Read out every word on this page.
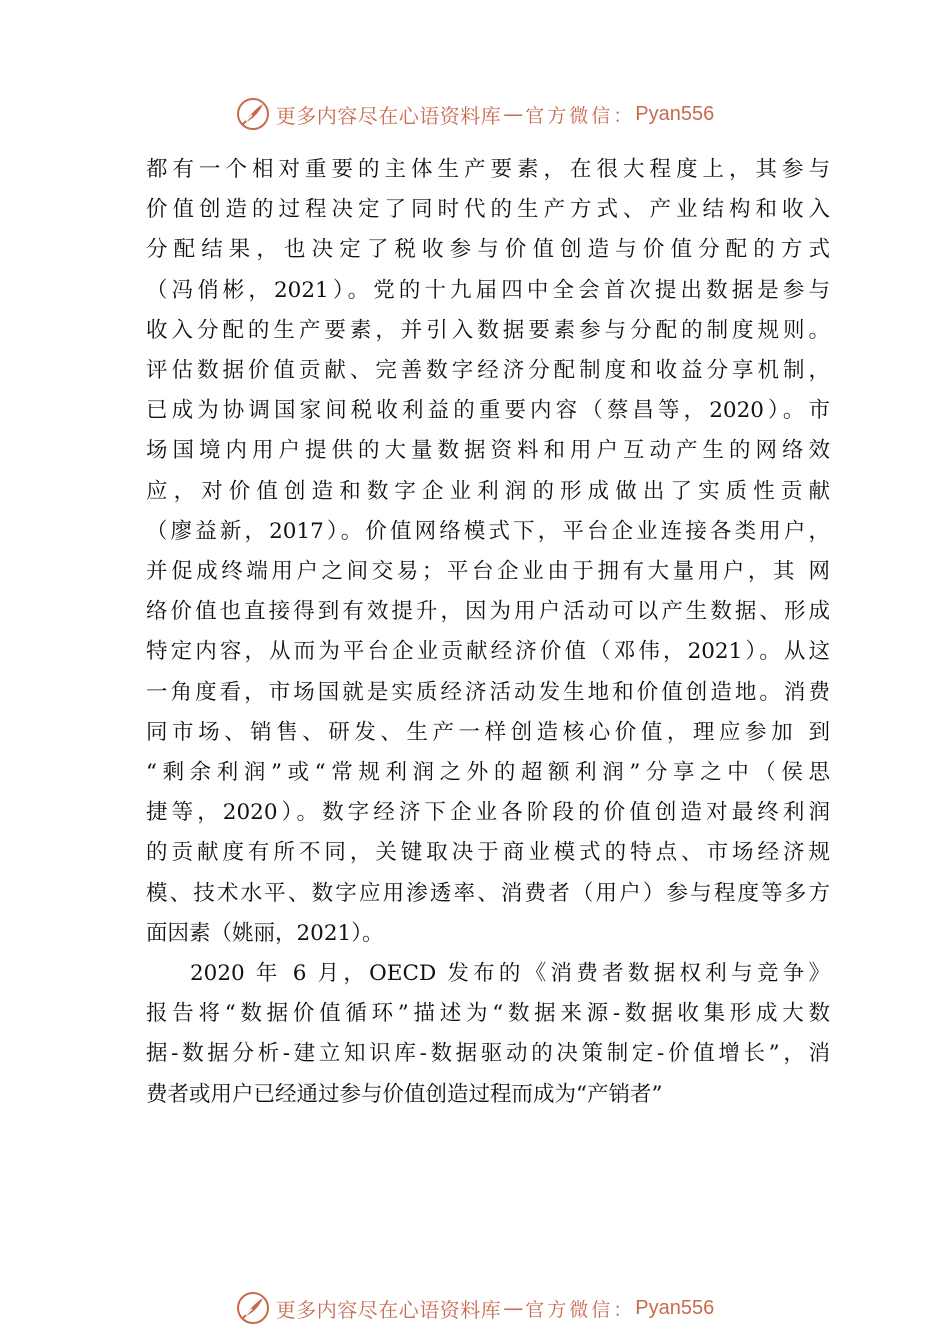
更多内容尽在心语资料库 — 官方微信： Pyan556
都有一个相对重要的主体生产要素，在很大程度上，其参与
价值创造的过程决定了同时代的生产方式、产业结构和收入
分配结果，也决定了税收参与价值创造与价值分配的方式
（冯俏彬，2021）。党的十九届四中全会首次提出数据是参与
收入分配的生产要素，并引入数据要素参与分配的制度规则。
评估数据价值贡献、完善数字经济分配制度和收益分享机制，
已成为协调国家间税收利益的重要内容（蔡昌等，2020）。市
场国境内用户提供的大量数据资料和用户互动产生的网络效
应，对价值创造和数字企业利润的形成做出了实质性贡献
（廖益新，2017）。价值网络模式下，平台企业连接各类用户，
并促成终端用户之间交易；平台企业由于拥有大量用户，其 网
络价值也直接得到有效提升，因为用户活动可以产生数据、形成
特定内容，从而为平台企业贡献经济价值（邓伟，2021）。从这
一角度看，市场国就是实质经济活动发生地和价值创造地。消费
同市场、销售、研发、生产一样创造核心价值，理应参加 到
“剩余利润”或“常规利润之外的超额利润”分享之中（侯思
捷等，2020）。数字经济下企业各阶段的价值创造对最终利润
的贡献度有所不同，关键取决于商业模式的特点、市场经济规
模、技术水平、数字应用渗透率、消费者（用户）参与程度等多方
面因素（姚丽，2021）。
2020 年 6 月，OECD 发布的《消费者数据权利与竞争》
报告将“数据价值循环”描述为“数据来源-数据收集形成大数
据-数据分析-建立知识库-数据驱动的决策制定-价值增长”，消
费者或用户已经通过参与价值创造过程而成为“产销者”
更多内容尽在心语资料库 — 官方微信： Pyan556
